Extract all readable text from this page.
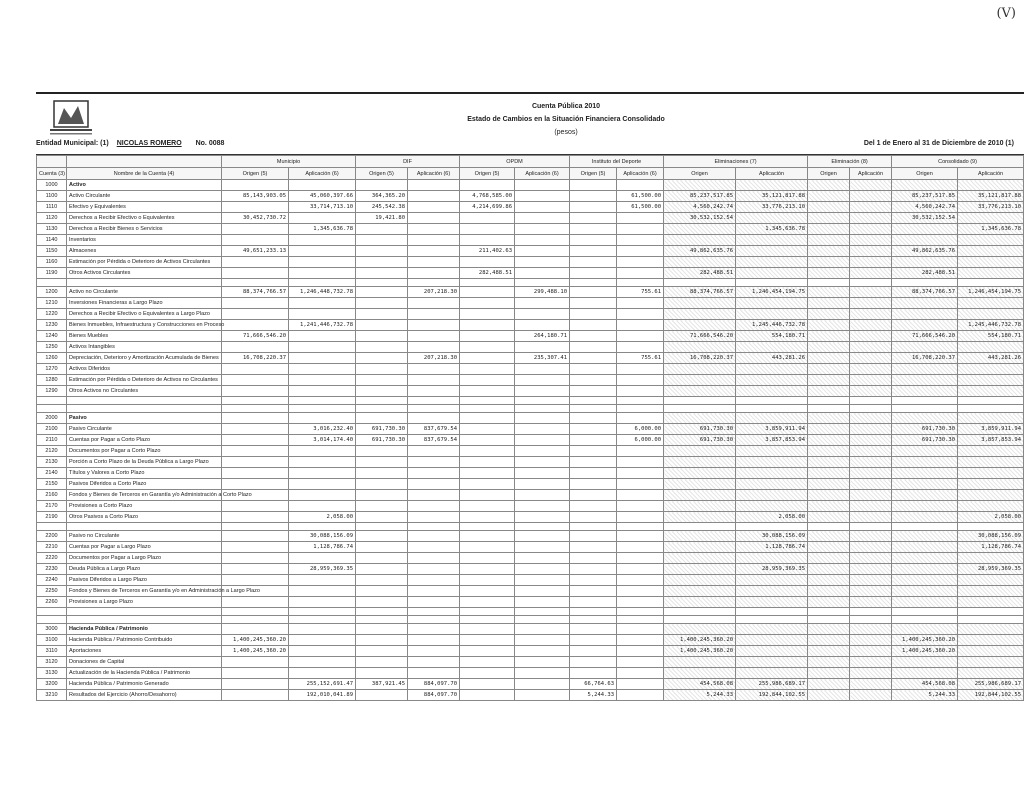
(V)
Cuenta Pública 2010
Estado de Cambios en la Situación Financiera Consolidado
(pesos)
Entidad Municipal: (1) NICOLAS ROMERO No. 0088	Del 1 de Enero al 31 de Diciembre de 2010 (1)
		Municipio		DIF		OPDM		Instituto del Deporte		Eliminaciones (7)		Eliminación (8)		Consolidado (9)	
Cuenta (3)	Nombre de la Cuenta (4)	Origen (5)	Aplicación (6)	Origen (5)	Aplicación (6)	Origen (5)	Aplicación (6)	Origen (5)	Aplicación (6)	Origen	Aplicación	Origen	Aplicación	Origen	Aplicación
1000	Activo														
1100	Activo Circulante	85,143,903.05	45,060,397.66	364,365.20		4,768,585.00			61,500.00	85,237,517.85	35,121,817.88			85,237,517.85	35,121,817.88
1110	Efectivo y Equivalentes		33,714,713.10	245,542.38		4,214,699.86			61,500.00	4,560,242.74	33,776,213.10			4,560,242.74	33,776,213.10
1120	Derechos a Recibir Efectivo o Equivalentes	30,452,730.72		19,421.80						30,532,152.54				30,532,152.54	
1130	Derechos a Recibir Bienes o Servicios		1,345,636.78								1,345,636.78				1,345,636.78
1140	Inventarios														
1150	Almacenes	49,651,233.13				211,402.63				49,862,635.76				49,862,635.76	
1160	Estimación por Pérdida o Deterioro de Activos Circulantes														
1190	Otros Activos Circulantes					282,488.51				282,488.51				282,488.51	

1200	Activo no Circulante	88,374,766.57	1,246,448,732.78		207,218.30		299,488.10		755.61	88,374,766.57	1,246,454,194.75			88,374,766.57	1,246,454,194.75
1210	Inversiones Financieras a Largo Plazo														
1220	Derechos a Recibir Efectivo o Equivalentes a Largo Plazo														
1230	Bienes Inmuebles, Infraestructura y Construcciones en Proceso		1,241,446,732.78								1,245,446,732.78				1,245,446,732.78
1240	Bienes Muebles	71,666,546.20					264,180.71			71,666,546.20	554,180.71			71,666,546.20	554,180.71
1250	Activos Intangibles														
1260	Depreciación, Deterioro y Amortización Acumulada de Bienes	16,708,220.37			207,218.30		235,307.41		755.61	16,708,220.37	443,281.26			16,708,220.37	443,281.26
1270	Activos Diferidos														
1280	Estimación por Pérdida o Deterioro de Activos no Circulantes														
1290	Otros Activos no Circulantes														

2000	Pasivo														
2100	Pasivo Circulante		3,016,232.40	691,730.30	837,679.54				6,000.00	691,730.30	3,859,911.94			691,730.30	3,859,911.94
2110	Cuentas por Pagar a Corto Plazo		3,014,174.40	691,730.30	837,679.54				6,000.00	691,730.30	3,857,853.94			691,730.30	3,857,853.94
2120	Documentos por Pagar a Corto Plazo														
2130	Porción a Corto Plazo de la Deuda Pública a Largo Plazo														
2140	Títulos y Valores a Corto Plazo														
2150	Pasivos Diferidos a Corto Plazo														
2160	Fondos y Bienes de Terceros en Garantía y/o Administración a Corto Plazo														
2170	Provisiones a Corto Plazo														
2190	Otros Pasivos a Corto Plazo		2,058.00								2,058.00				2,058.00

2200	Pasivo no Circulante		30,088,156.09								30,088,156.09				30,088,156.09
2210	Cuentas por Pagar a Largo Plazo		1,128,786.74								1,128,786.74				1,128,786.74
2220	Documentos por Pagar a Largo Plazo														
2230	Deuda Pública a Largo Plazo		28,959,369.35								28,959,369.35				28,959,369.35
2240	Pasivos Diferidos a Largo Plazo														
2250	Fondos y Bienes de Terceros en Garantía y/o en Administración a Largo Plazo														
2260	Provisiones a Largo Plazo														

3000	Hacienda Pública / Patrimonio														
3100	Hacienda Pública / Patrimonio Contribuido	1,400,245,360.20								1,400,245,360.20				1,400,245,360.20	
3110	Aportaciones	1,400,245,360.20								1,400,245,360.20				1,400,245,360.20	
3120	Donaciones de Capital														
3130	Actualización de la Hacienda Pública / Patrimonio														
3200	Hacienda Pública / Patrimonio Generado		255,152,691.47	387,921.45	884,097.70			66,764.63		454,568.08	255,986,689.17			454,568.08	255,986,689.17
3210	Resultados del Ejercicio (Ahorro/Desahorro)		192,010,041.89		884,097.70			5,244.33		5,244.33	192,844,102.55			5,244.33	192,844,102.55
